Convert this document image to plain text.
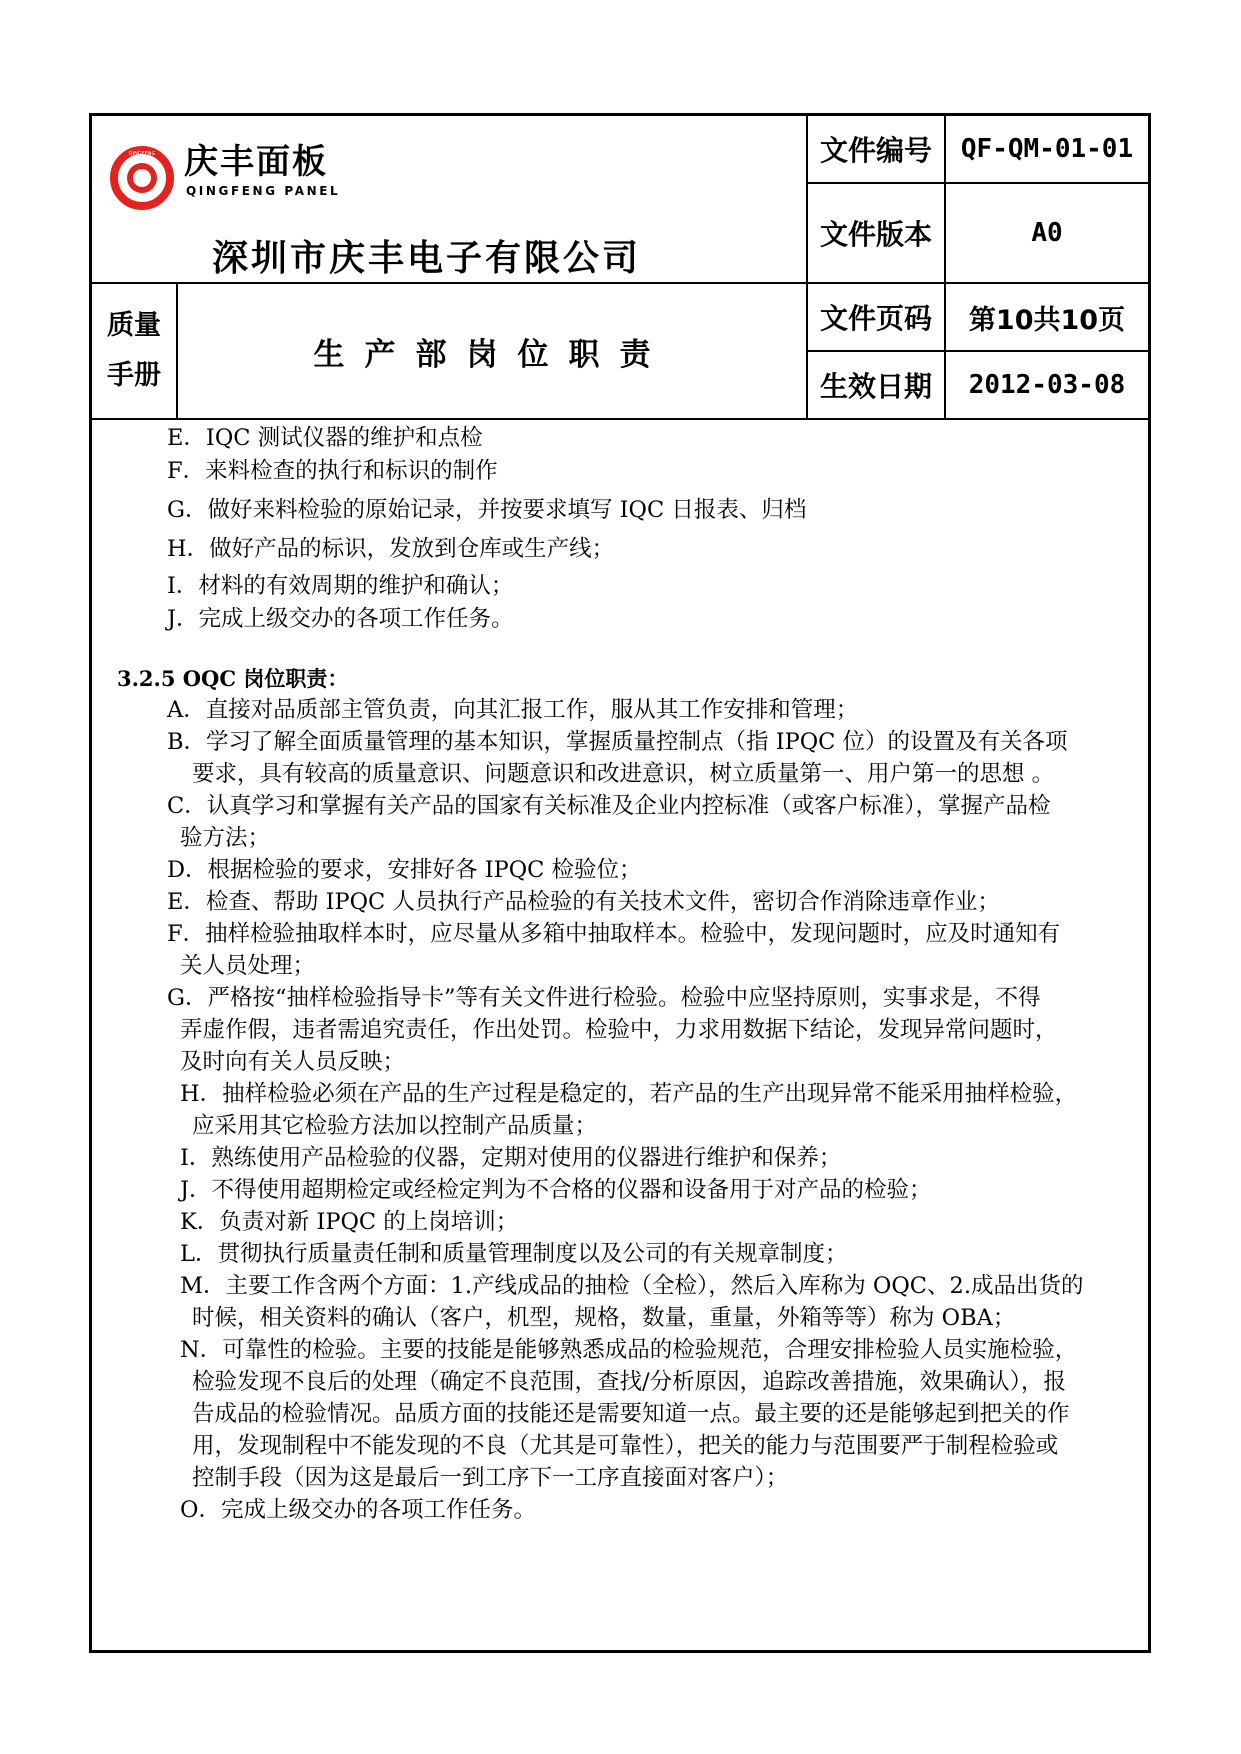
QINGFENG 庆丰面板
QINGFENG PANEL
深圳市庆丰电子有限公司
质量
手册
生产部岗位职责
文件编号	QF-QM-01-01
文件版本	A0
文件页码	第10共10页
生效日期	2012-03-08
E．IQC 测试仪器的维护和点检
F．来料检查的执行和标识的制作
G．做好来料检验的原始记录，并按要求填写 IQC 日报表、归档
H．做好产品的标识，发放到仓库或生产线；
I．材料的有效周期的维护和确认；
J．完成上级交办的各项工作任务。
3.2.5 OQC 岗位职责：
A．直接对品质部主管负责，向其汇报工作，服从其工作安排和管理；
B．学习了解全面质量管理的基本知识，掌握质量控制点（指 IPQC 位）的设置及有关各项
要求，具有较高的质量意识、问题意识和改进意识，树立质量第一、用户第一的思想 。
C．认真学习和掌握有关产品的国家有关标准及企业内控标准（或客户标准），掌握产品检
验方法；
D．根据检验的要求，安排好各 IPQC 检验位；
E．检查、帮助 IPQC 人员执行产品检验的有关技术文件，密切合作消除违章作业；
F．抽样检验抽取样本时，应尽量从多箱中抽取样本。检验中，发现问题时，应及时通知有
关人员处理；
G．严格按“抽样检验指导卡”等有关文件进行检验。检验中应坚持原则，实事求是，不得
弄虚作假，违者需追究责任，作出处罚。检验中，力求用数据下结论，发现异常问题时，
及时向有关人员反映；
H．抽样检验必须在产品的生产过程是稳定的，若产品的生产出现异常不能采用抽样检验，
应采用其它检验方法加以控制产品质量；
I．熟练使用产品检验的仪器，定期对使用的仪器进行维护和保养；
J．不得使用超期检定或经检定判为不合格的仪器和设备用于对产品的检验；
K．负责对新 IPQC 的上岗培训；
L．贯彻执行质量责任制和质量管理制度以及公司的有关规章制度；
M．主要工作含两个方面：1.产线成品的抽检（全检），然后入库称为 OQC、2.成品出货的
时候，相关资料的确认（客户，机型，规格，数量，重量，外箱等等）称为 OBA；
N．可靠性的检验。主要的技能是能够熟悉成品的检验规范，合理安排检验人员实施检验，
检验发现不良后的处理（确定不良范围，查找/分析原因，追踪改善措施，效果确认），报
告成品的检验情况。品质方面的技能还是需要知道一点。最主要的还是能够起到把关的作
用，发现制程中不能发现的不良（尤其是可靠性），把关的能力与范围要严于制程检验或
控制手段（因为这是最后一到工序下一工序直接面对客户）；
O．完成上级交办的各项工作任务。
